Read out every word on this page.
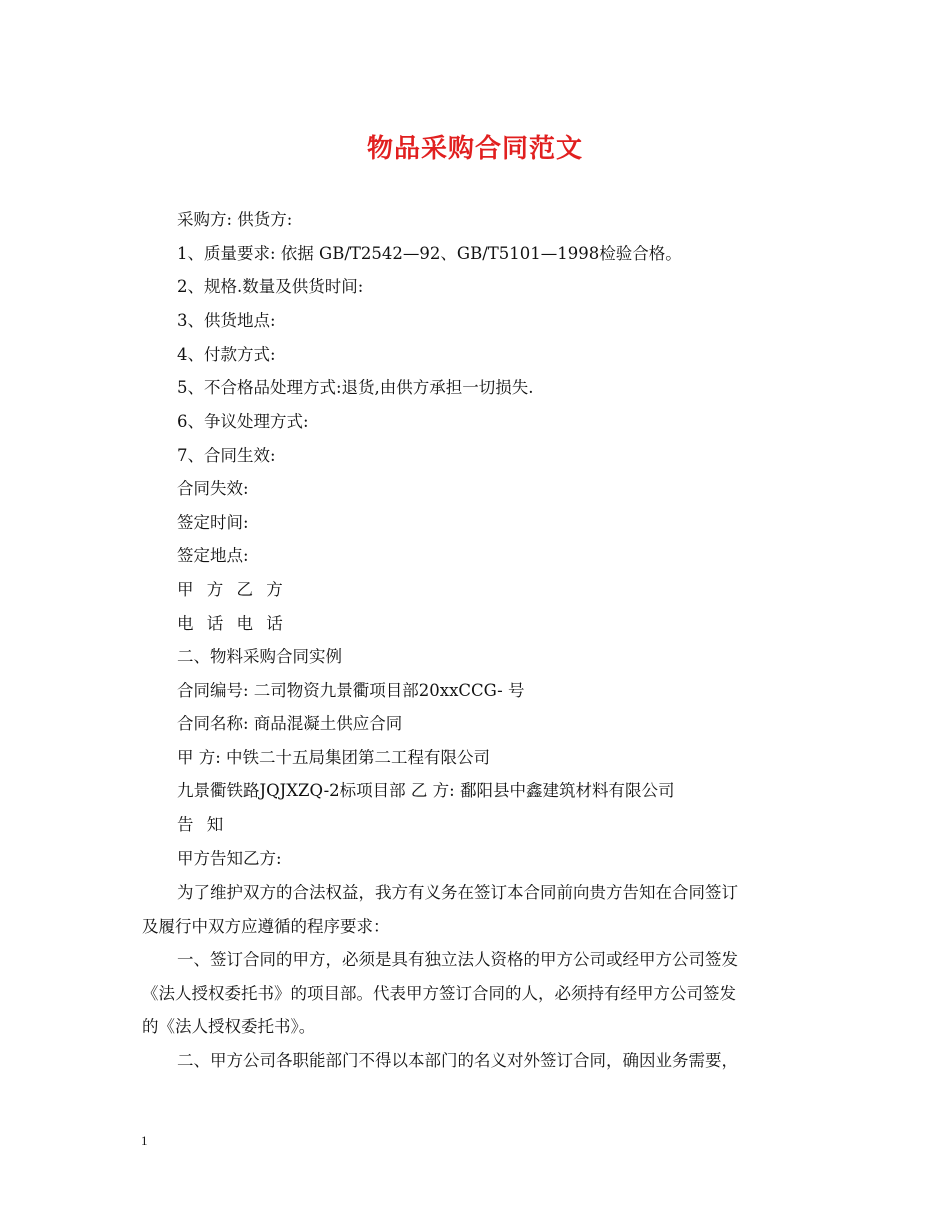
物品采购合同范文
采购方: 供货方:
1、质量要求: 依据 GB/T2542—92、GB/T5101—1998检验合格。
2、规格.数量及供货时间:
3、供货地点:
4、付款方式:
5、不合格品处理方式:退货,由供方承担一切损失.
6、争议处理方式:
7、合同生效:
合同失效:
签定时间:
签定地点:
甲 方 乙 方
电 话 电 话
二、物料采购合同实例
合同编号: 二司物资九景衢项目部20xxCCG- 号
合同名称: 商品混凝土供应合同
甲 方: 中铁二十五局集团第二工程有限公司
九景衢铁路JQJXZQ-2标项目部 乙 方: 鄱阳县中鑫建筑材料有限公司
告 知
甲方告知乙方:
为了维护双方的合法权益，我方有义务在签订本合同前向贵方告知在合同签订
及履行中双方应遵循的程序要求：
一、签订合同的甲方，必须是具有独立法人资格的甲方公司或经甲方公司签发
《法人授权委托书》的项目部。代表甲方签订合同的人，必须持有经甲方公司签发
的《法人授权委托书》。
二、甲方公司各职能部门不得以本部门的名义对外签订合同，确因业务需要，
1
